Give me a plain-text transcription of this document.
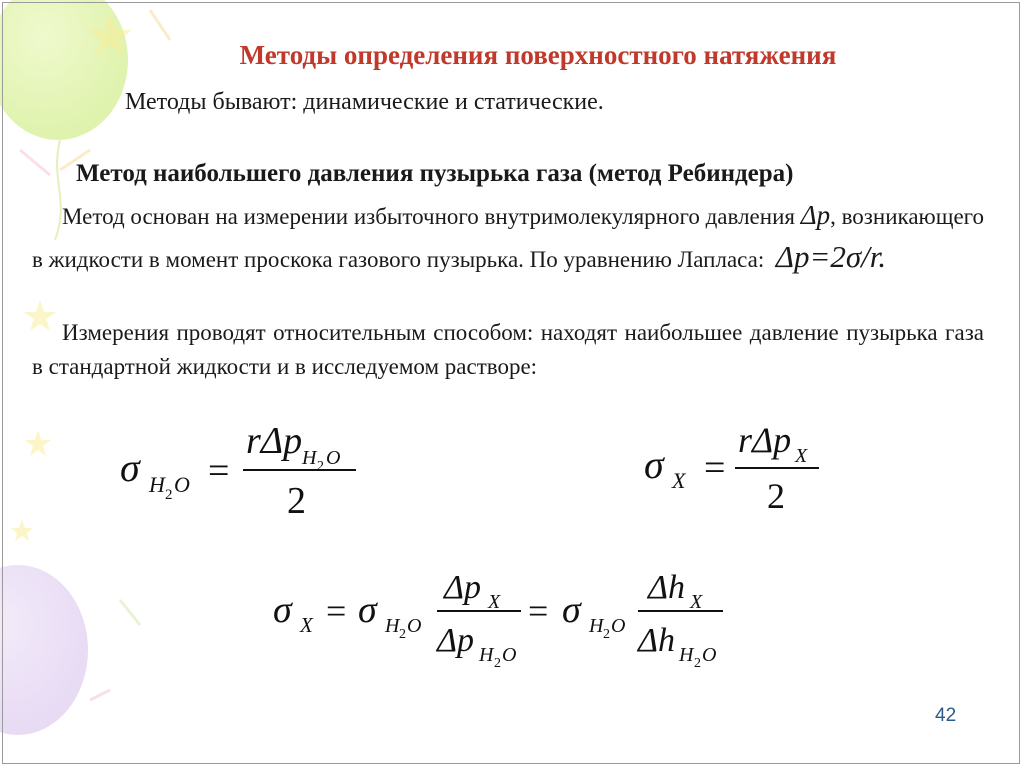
Методы определения поверхностного натяжения
Методы бывают: динамические и статические.
Метод наибольшего давления пузырька газа (метод Ребиндера)
Метод основан на измерении избыточного внутримолекулярного давления Δp, возникающего в жидкости в момент проскока газового пузырька. По уравнению Лапласа: Δp=2σ/r.
Измерения проводят относительным способом: находят наибольшее давление пузырька газа в стандартной жидкости и в исследуемом растворе:
σ H 2 O =
rΔp H 2 O
2
σ X =
rΔp X
2
σ X = σ H 2 O
Δp X
Δp H 2 O
= σ H 2 O
Δh X
Δh H 2 O
42
